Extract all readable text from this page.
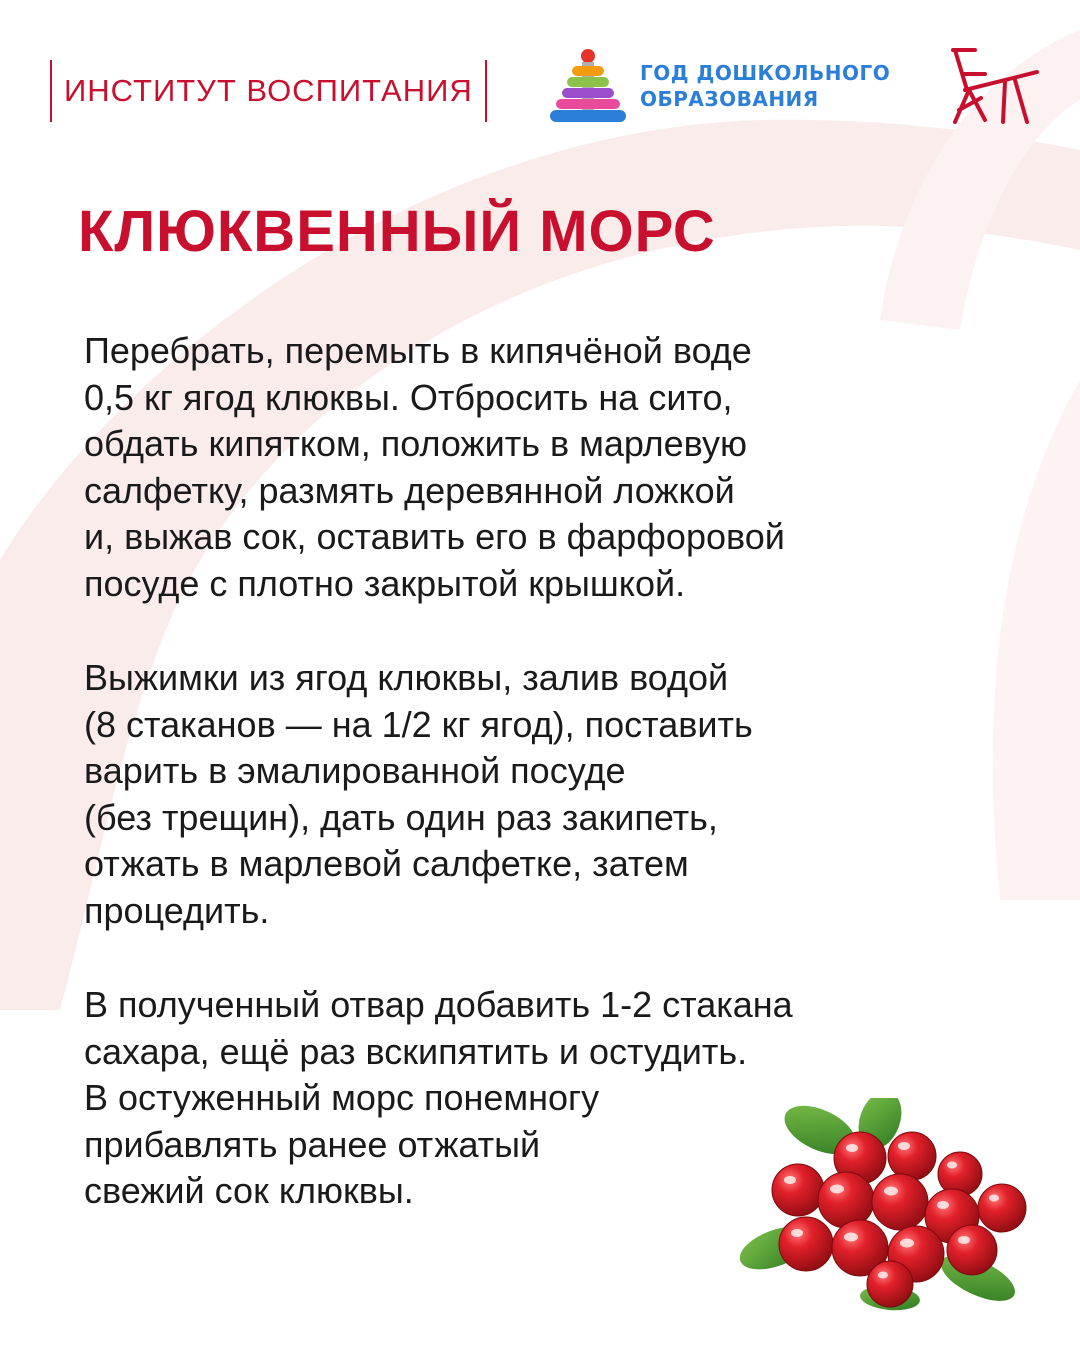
ИНСТИТУТ ВОСПИТАНИЯ	ГОД ДОШКОЛЬНОГО
ОБРАЗОВАНИЯ
КЛЮКВЕННЫЙ МОРС
Перебрать, перемыть в кипячёной воде
0,5 кг ягод клюквы. Отбросить на сито,
обдать кипятком, положить в марлевую
салфетку, размять деревянной ложкой
и, выжав сок, оставить его в фарфоровой
посуде с плотно закрытой крышкой.
Выжимки из ягод клюквы, залив водой
(8 стаканов — на 1/2 кг ягод), поставить
варить в эмалированной посуде
(без трещин), дать один раз закипеть,
отжать в марлевой салфетке, затем
процедить.
В полученный отвар добавить 1-2 стакана
сахара, ещё раз вскипятить и остудить.
В остуженный морс понемногу
прибавлять ранее отжатый
свежий сок клюквы.
